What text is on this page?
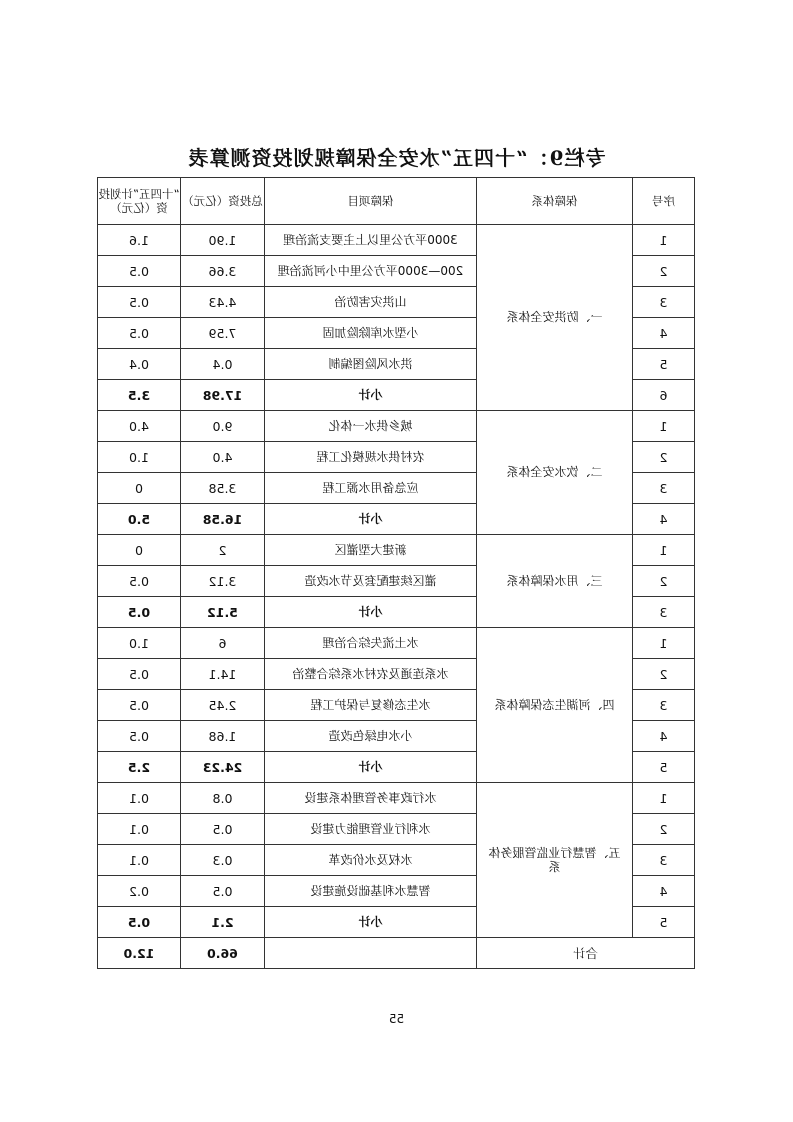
专栏9：“十四五”水安全保障规划投资测算表
序号	保障体系	保障项目	总投资（亿元）	“十四五”计划投资（亿元）
1	一、防洪安全体系	3000平方公里以上主要支流治理	1.90	1.6
2		200—3000平方公里中小河流治理	3.66	0.5
3		山洪灾害防治	4.43	0.5
4		小型水库除险加固	7.59	0.5
5		洪水风险图编制	0.4	0.4
6		小计	17.98	3.5
1	二、饮水安全体系	城乡供水一体化	9.0	4.0
2		农村供水规模化工程	4.0	1.0
3		应急备用水源工程	3.58	0
4		小计	16.58	5.0
1	三、用水保障体系	新建大型灌区	2	0
2		灌区续建配套及节水改造	3.12	0.5
3		小计	5.12	0.5
1	四、河湖生态保障体系	水土流失综合治理	6	1.0
2		水系连通及农村水系综合整治	14.1	0.5
3		水生态修复与保护工程	2.45	0.5
4		小水电绿色改造	1.68	0.5
5		小计	24.23	2.5
1	五、智慧行业监管服务体系	水行政事务管理体系建设	0.8	0.1
2		水利行业管理能力建设	0.5	0.1
3		水权及水价改革	0.3	0.1
4		智慧水利基础设施建设	0.5	0.2
5		小计	2.1	0.5
合计			66.0	12.0
55
